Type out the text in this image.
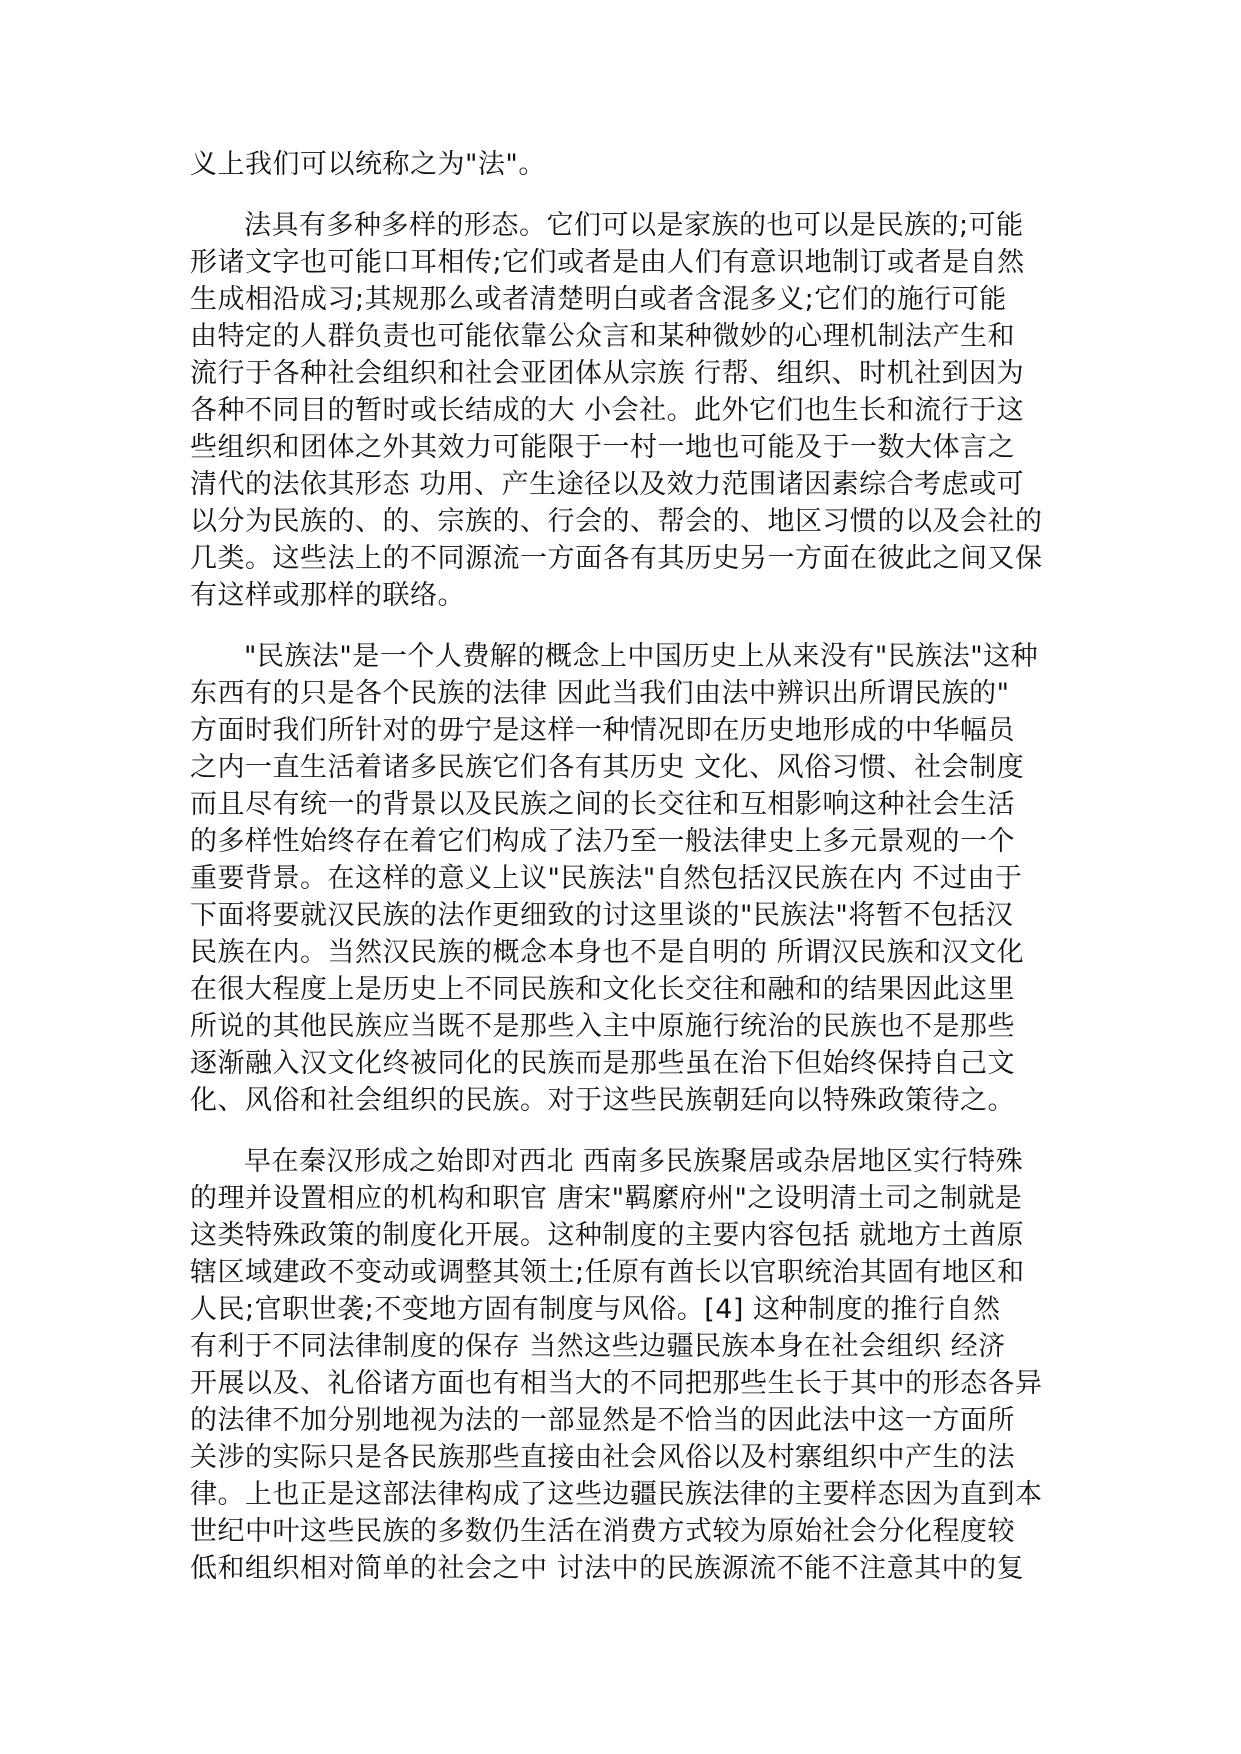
义上我们可以统称之为"法"。

法具有多种多样的形态。它们可以是家族的也可以是民族的;可能
形诸文字也可能口耳相传;它们或者是由人们有意识地制订或者是自然
生成相沿成习;其规那么或者清楚明白或者含混多义;它们的施行可能
由特定的人群负责也可能依靠公众言和某种微妙的心理机制法产生和
流行于各种社会组织和社会亚团体从宗族 行帮、组织、时机社到因为
各种不同目的暂时或长结成的大 小会社。此外它们也生长和流行于这
些组织和团体之外其效力可能限于一村一地也可能及于一数大体言之
清代的法依其形态 功用、产生途径以及效力范围诸因素综合考虑或可
以分为民族的、的、宗族的、行会的、帮会的、地区习惯的以及会社的
几类。这些法上的不同源流一方面各有其历史另一方面在彼此之间又保
有这样或那样的联络。

"民族法"是一个人费解的概念上中国历史上从来没有"民族法"这种
东西有的只是各个民族的法律 因此当我们由法中辨识出所谓民族的"
方面时我们所针对的毋宁是这样一种情况即在历史地形成的中华幅员
之内一直生活着诸多民族它们各有其历史 文化、风俗习惯、社会制度
而且尽有统一的背景以及民族之间的长交往和互相影响这种社会生活
的多样性始终存在着它们构成了法乃至一般法律史上多元景观的一个
重要背景。在这样的意义上议"民族法"自然包括汉民族在内 不过由于
下面将要就汉民族的法作更细致的讨这里谈的"民族法"将暂不包括汉
民族在内。当然汉民族的概念本身也不是自明的 所谓汉民族和汉文化
在很大程度上是历史上不同民族和文化长交往和融和的结果因此这里
所说的其他民族应当既不是那些入主中原施行统治的民族也不是那些
逐渐融入汉文化终被同化的民族而是那些虽在治下但始终保持自己文
化、风俗和社会组织的民族。对于这些民族朝廷向以特殊政策待之。

早在秦汉形成之始即对西北 西南多民族聚居或杂居地区实行特殊
的理并设置相应的机构和职官 唐宋"羁縻府州"之设明清土司之制就是
这类特殊政策的制度化开展。这种制度的主要内容包括 就地方土酋原
辖区域建政不变动或调整其领土;任原有酋长以官职统治其固有地区和
人民;官职世袭;不变地方固有制度与风俗。[4] 这种制度的推行自然
有利于不同法律制度的保存 当然这些边疆民族本身在社会组织 经济
开展以及、礼俗诸方面也有相当大的不同把那些生长于其中的形态各异
的法律不加分别地视为法的一部显然是不恰当的因此法中这一方面所
关涉的实际只是各民族那些直接由社会风俗以及村寨组织中产生的法
律。上也正是这部法律构成了这些边疆民族法律的主要样态因为直到本
世纪中叶这些民族的多数仍生活在消费方式较为原始社会分化程度较
低和组织相对简单的社会之中 讨法中的民族源流不能不注意其中的复
